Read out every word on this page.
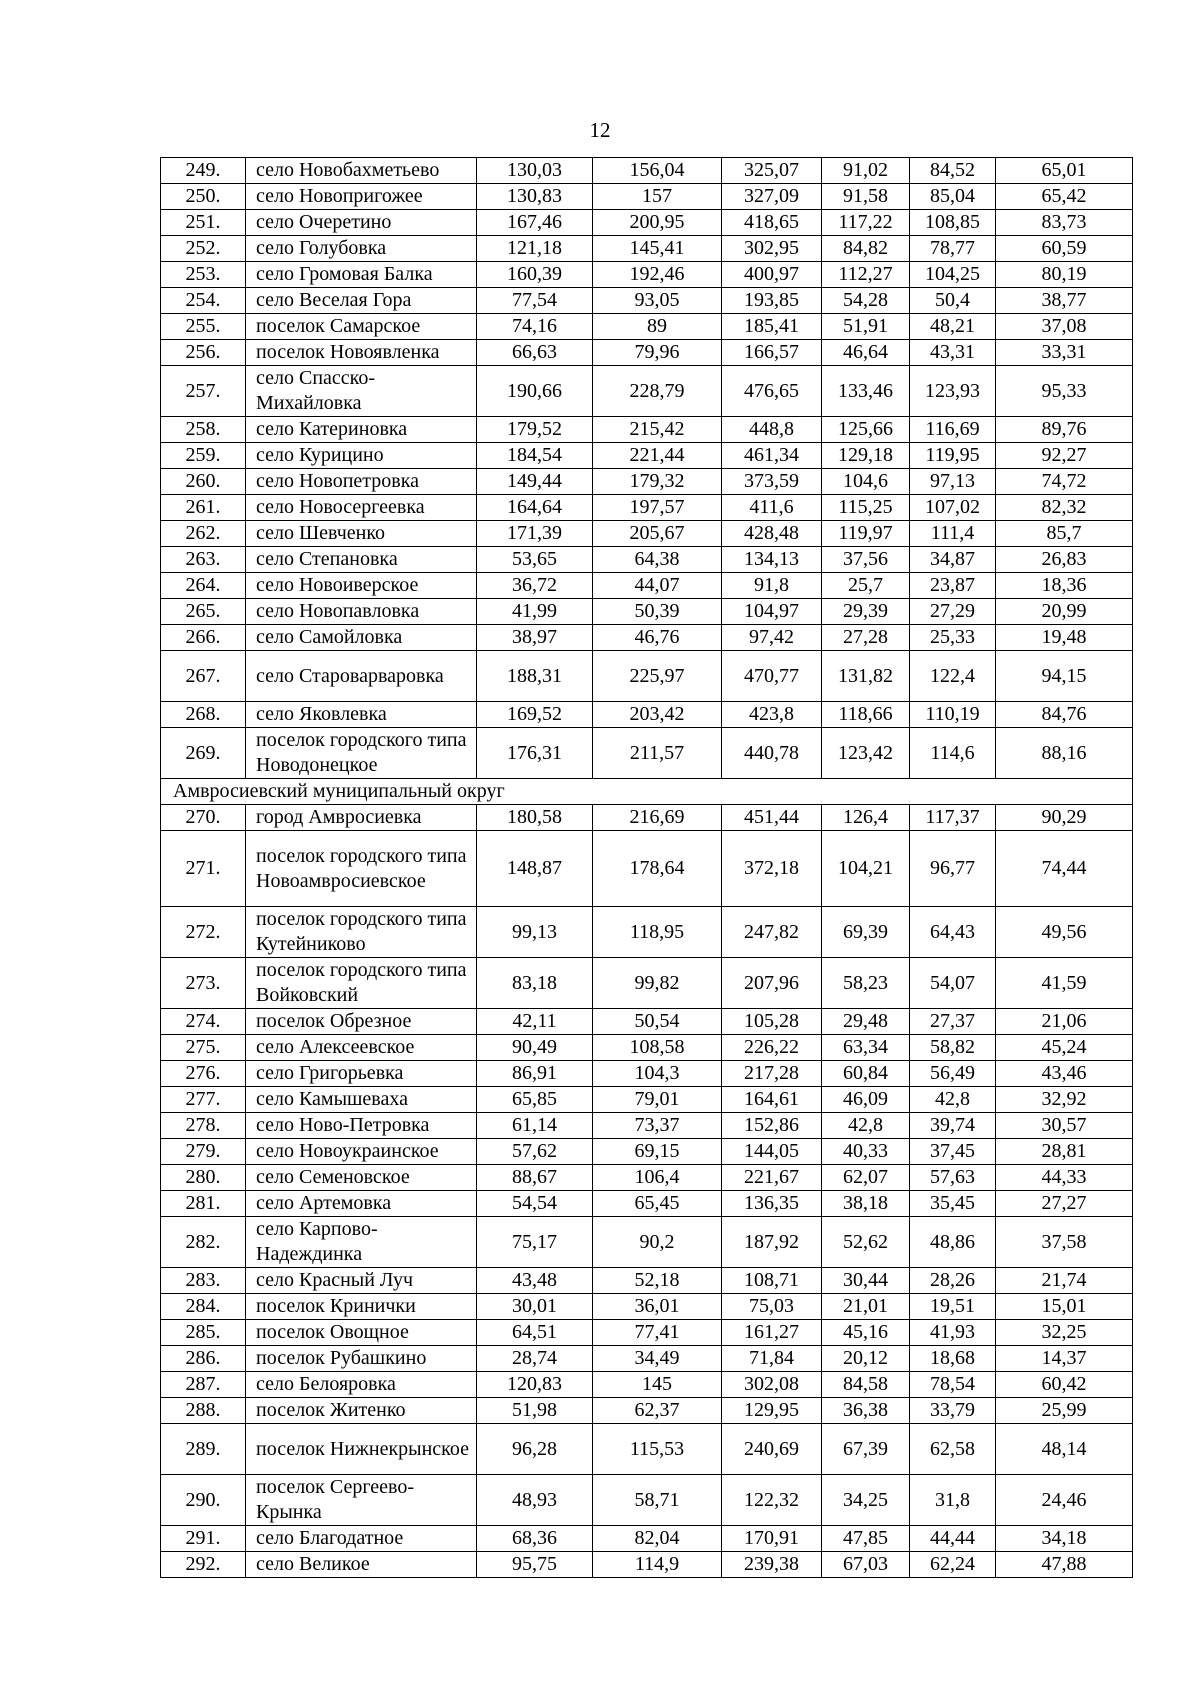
12
249.	село Новобахметьево	130,03	156,04	325,07	91,02	84,52	65,01
250.	село Новопригожее	130,83	157	327,09	91,58	85,04	65,42
251.	село Очеретино	167,46	200,95	418,65	117,22	108,85	83,73
252.	село Голубовка	121,18	145,41	302,95	84,82	78,77	60,59
253.	село Громовая Балка	160,39	192,46	400,97	112,27	104,25	80,19
254.	село Веселая Гора	77,54	93,05	193,85	54,28	50,4	38,77
255.	поселок Самарское	74,16	89	185,41	51,91	48,21	37,08
256.	поселок Новоявленка	66,63	79,96	166,57	46,64	43,31	33,31
257.	село Спасско-Михайловка	190,66	228,79	476,65	133,46	123,93	95,33
258.	село Катериновка	179,52	215,42	448,8	125,66	116,69	89,76
259.	село Курицино	184,54	221,44	461,34	129,18	119,95	92,27
260.	село Новопетровка	149,44	179,32	373,59	104,6	97,13	74,72
261.	село Новосергеевка	164,64	197,57	411,6	115,25	107,02	82,32
262.	село Шевченко	171,39	205,67	428,48	119,97	111,4	85,7
263.	село Степановка	53,65	64,38	134,13	37,56	34,87	26,83
264.	село Новоиверское	36,72	44,07	91,8	25,7	23,87	18,36
265.	село Новопавловка	41,99	50,39	104,97	29,39	27,29	20,99
266.	село Самойловка	38,97	46,76	97,42	27,28	25,33	19,48
267.	село Староварваровка	188,31	225,97	470,77	131,82	122,4	94,15
268.	село Яковлевка	169,52	203,42	423,8	118,66	110,19	84,76
269.	поселок городского типа Новодонецкое	176,31	211,57	440,78	123,42	114,6	88,16
Амвросиевский муниципальный округ							
270.	город Амвросиевка	180,58	216,69	451,44	126,4	117,37	90,29
271.	поселок городского типа Новоамвросиевское	148,87	178,64	372,18	104,21	96,77	74,44
272.	поселок городского типа Кутейниково	99,13	118,95	247,82	69,39	64,43	49,56
273.	поселок городского типа Войковский	83,18	99,82	207,96	58,23	54,07	41,59
274.	поселок Обрезное	42,11	50,54	105,28	29,48	27,37	21,06
275.	село Алексеевское	90,49	108,58	226,22	63,34	58,82	45,24
276.	село Григорьевка	86,91	104,3	217,28	60,84	56,49	43,46
277.	село Камышеваха	65,85	79,01	164,61	46,09	42,8	32,92
278.	село Ново-Петровка	61,14	73,37	152,86	42,8	39,74	30,57
279.	село Новоукраинское	57,62	69,15	144,05	40,33	37,45	28,81
280.	село Семеновское	88,67	106,4	221,67	62,07	57,63	44,33
281.	село Артемовка	54,54	65,45	136,35	38,18	35,45	27,27
282.	село Карпово-Надеждинка	75,17	90,2	187,92	52,62	48,86	37,58
283.	село Красный Луч	43,48	52,18	108,71	30,44	28,26	21,74
284.	поселок Кринички	30,01	36,01	75,03	21,01	19,51	15,01
285.	поселок Овощное	64,51	77,41	161,27	45,16	41,93	32,25
286.	поселок Рубашкино	28,74	34,49	71,84	20,12	18,68	14,37
287.	село Белояровка	120,83	145	302,08	84,58	78,54	60,42
288.	поселок Житенко	51,98	62,37	129,95	36,38	33,79	25,99
289.	поселок Нижнекрынское	96,28	115,53	240,69	67,39	62,58	48,14
290.	поселок Сергеево-Крынка	48,93	58,71	122,32	34,25	31,8	24,46
291.	село Благодатное	68,36	82,04	170,91	47,85	44,44	34,18
292.	село Великое	95,75	114,9	239,38	67,03	62,24	47,88
